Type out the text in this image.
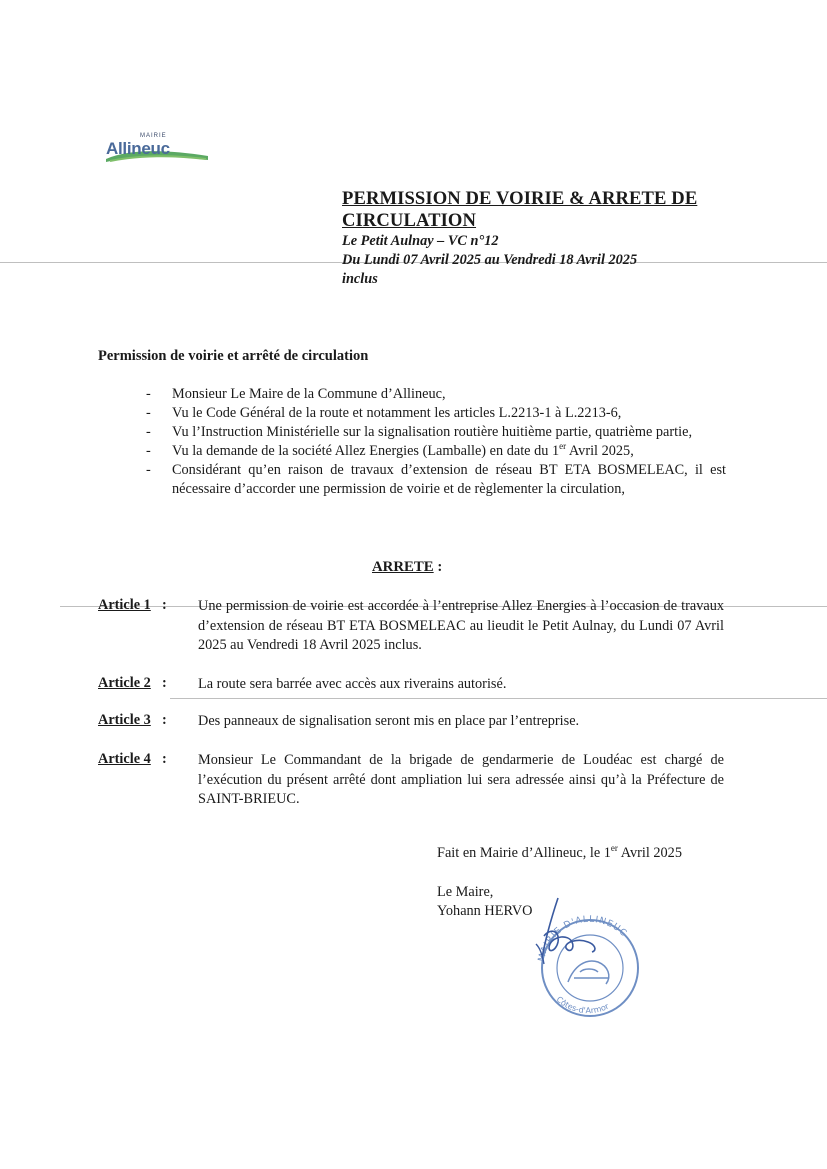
MAIRIE
Allineuc
PERMISSION DE VOIRIE & ARRETE DE CIRCULATION
Le Petit Aulnay – VC n°12
Du Lundi 07 Avril 2025 au Vendredi 18 Avril 2025
inclus
Permission de voirie et arrêté de circulation
- Monsieur Le Maire de la Commune d’Allineuc,
- Vu le Code Général de la route et notamment les articles L.2213-1 à L.2213-6,
- Vu l’Instruction Ministérielle sur la signalisation routière huitième partie, quatrième partie,
- Vu la demande de la société Allez Energies (Lamballe) en date du 1er Avril 2025,
- Considérant qu’en raison de travaux d’extension de réseau BT ETA BOSMELEAC, il est nécessaire d’accorder une permission de voirie et de règlementer la circulation,
ARRETE :
Article 1 : Une permission de voirie est accordée à l’entreprise Allez Energies à l’occasion de travaux d’extension de réseau BT ETA BOSMELEAC au lieudit le Petit Aulnay, du Lundi 07 Avril 2025 au Vendredi 18 Avril 2025 inclus.
Article 2 : La route sera barrée avec accès aux riverains autorisé.
Article 3 : Des panneaux de signalisation seront mis en place par l’entreprise.
Article 4 : Monsieur Le Commandant de la brigade de gendarmerie de Loudéac est chargé de l’exécution du présent arrêté dont ampliation lui sera adressée ainsi qu’à la Préfecture de SAINT-BRIEUC.
Fait en Mairie d’Allineuc, le 1er Avril 2025
Le Maire,
Yohann HERVO
MAIRIE D'ALLINEUC
Côtes-d'Armor
